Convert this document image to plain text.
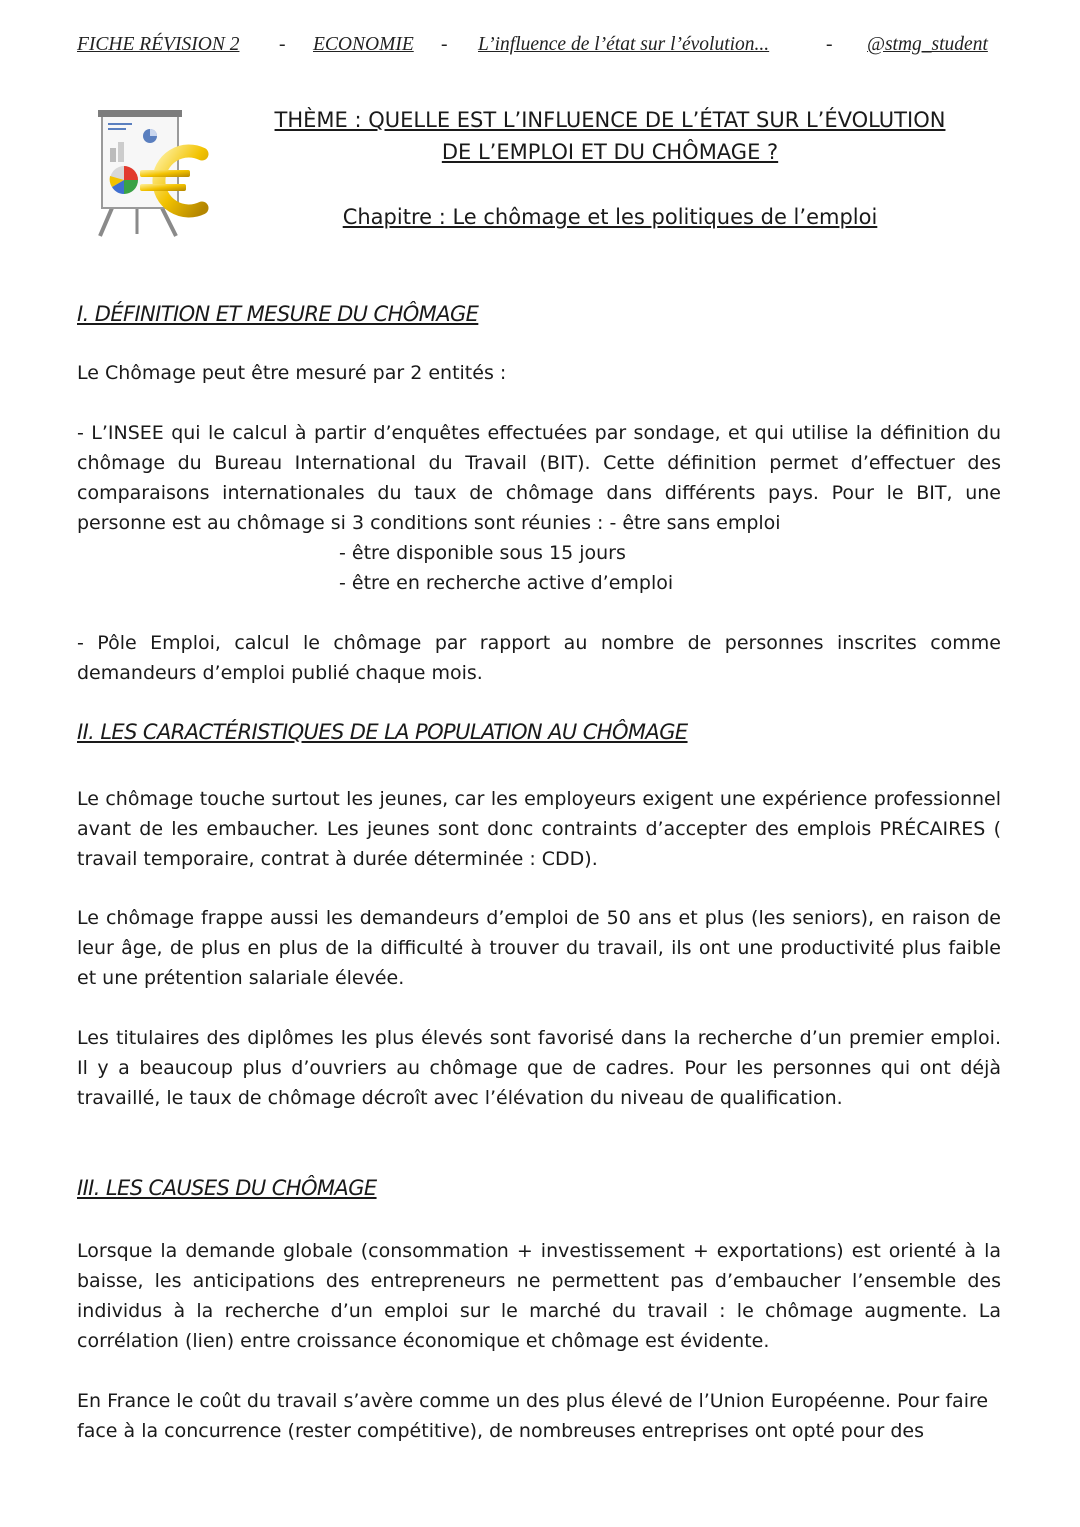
FICHE RÉVISION 2 - ECONOMIE - L’influence de l’état sur l’évolution...	- @stmg_student
THÈME : QUELLE EST L’INFLUENCE DE L’ÉTAT SUR L’ÉVOLUTION
DE L’EMPLOI ET DU CHÔMAGE ?
Chapitre : Le chômage et les politiques de l’emploi
I. DÉFINITION ET MESURE DU CHÔMAGE
Le Chômage peut être mesuré par 2 entités :
- L’INSEE qui le calcul à partir d’enquêtes effectuées par sondage, et qui utilise la définition du chômage du Bureau International du Travail (BIT). Cette définition permet d’effectuer des comparaisons internationales du taux de chômage dans différents pays. Pour le BIT, une personne est au chômage si 3 conditions sont réunies : - être sans emploi
- être disponible sous 15 jours
- être en recherche active d’emploi
- Pôle Emploi, calcul le chômage par rapport au nombre de personnes inscrites comme demandeurs d’emploi publié chaque mois.
II. LES CARACTÉRISTIQUES DE LA POPULATION AU CHÔMAGE
Le chômage touche surtout les jeunes, car les employeurs exigent une expérience professionnel avant de les embaucher. Les jeunes sont donc contraints d’accepter des emplois PRÉCAIRES ( travail temporaire, contrat à durée déterminée : CDD).
Le chômage frappe aussi les demandeurs d’emploi de 50 ans et plus (les seniors), en raison de leur âge, de plus en plus de la difficulté à trouver du travail, ils ont une productivité plus faible et une prétention salariale élevée.
Les titulaires des diplômes les plus élevés sont favorisé dans la recherche d’un premier emploi. Il y a beaucoup plus d’ouvriers au chômage que de cadres. Pour les personnes qui ont déjà travaillé, le taux de chômage décroît avec l’élévation du niveau de qualification.
III. LES CAUSES DU CHÔMAGE
Lorsque la demande globale (consommation + investissement + exportations) est orienté à la baisse, les anticipations des entrepreneurs ne permettent pas d’embaucher l’ensemble des individus à la recherche d’un emploi sur le marché du travail : le chômage augmente. La corrélation (lien) entre croissance économique et chômage est évidente.
En France le coût du travail s’avère comme un des plus élevé de l’Union Européenne. Pour faire face à la concurrence (rester compétitive), de nombreuses entreprises ont opté pour des
